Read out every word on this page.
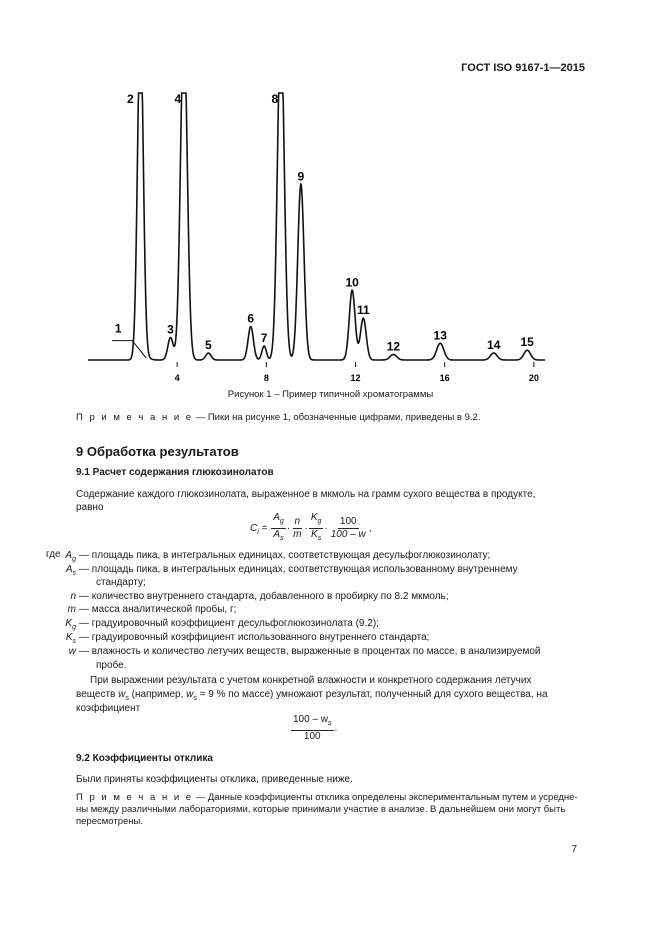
ГОСТ ISO 9167-1—2015
4	8	12	16	20
1
2
3
4
5
6
7
8
9
10
11
12
13
14 15
Рисунок 1 – Пример типичной хроматограммы
П р и м е ч а н и е — Пики на рисунке 1, обозначенные цифрами, приведены в 9.2.
9 Обработка результатов
9.1 Расчет содержания глюкозинолатов
Содержание каждого глюкозинолата, выраженное в мкмоль на грамм сухого вещества в продукте,
равно
$C_i = \frac{A_g}{A_s} \cdot \frac{n}{m} \cdot \frac{K_g}{K_s} \cdot \frac{100}{100 - w}$ ,
где $A_g$ — площадь пика, в интегральных единицах, соответствующая десульфоглюкозинолату;
$A_s$ — площадь пика, в интегральных единицах, соответствующая использованному внутреннему
стандарту;
n — количество внутреннего стандарта, добавленного в пробирку по 8.2 мкмоль;
m — масса аналитической пробы, г;
$K_g$ — градуировочный коэффициент десульфоглюкозинолата (9.2);
$K_s$ — градуировочный коэффициент использованного внутреннего стандарта;
w — влажность и количество летучих веществ, выраженные в процентах по массе, в анализируемой
пробе.
При выражении результата с учетом конкретной влажности и конкретного содержания летучих
веществ $w_s$ (например, $w_s = 9$ % по массе) умножают результат, полученный для сухого вещества, на
коэффициент
$\frac{100 - w_s}{100}$ .
9.2 Коэффициенты отклика
Были приняты коэффициенты отклика, приведенные ниже.
П р и м е ч а н и е — Данные коэффициенты отклика определены экспериментальным путем и усредне-
ны между различными лабораториями, которые принимали участие в анализе. В дальнейшем они могут быть
пересмотрены.
7
